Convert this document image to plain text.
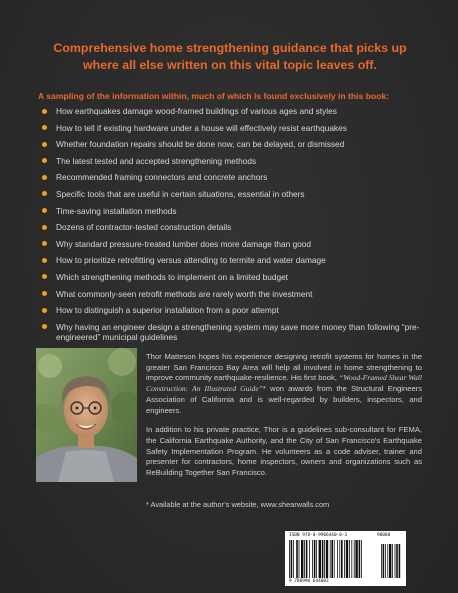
Comprehensive home strengthening guidance that picks up where all else written on this vital topic leaves off.
A sampling of the information within, much of which is found exclusively in this book:
How earthquakes damage wood-framed buildings of various ages and styles
How to tell if existing hardware under a house will effectively resist earthquakes
Whether foundation repairs should be done now, can be delayed, or dismissed
The latest tested and accepted strengthening methods
Recommended framing connectors and concrete anchors
Specific tools that are useful in certain situations, essential in others
Time-saving installation methods
Dozens of contractor-tested construction details
Why standard pressure-treated lumber does more damage than good
How to prioritize retrofitting versus attending to termite and water damage
Which strengthening methods to implement on a limited budget
What commonly-seen retrofit methods are rarely worth the investment
How to distinguish a superior installation from a poor attempt
Why having an engineer design a strengthening system may save more money than following “pre-engineered” municipal guidelines

Thor Matteson hopes his experience designing retrofit systems for homes in the greater San Francisco Bay Area will help all involved in home strengthening to improve community earthquake-resilience. His first book, “Wood-Framed Shear Wall Construction: An Illustrated Guide”* won awards from the Structural Engineers Association of California and is well-regarded by builders, inspectors, and engineers.

In addition to his private practice, Thor is a guidelines sub-consultant for FEMA, the California Earthquake Authority, and the City of San Francisco’s Earthquake Safety Implementation Program. He volunteers as a code adviser, trainer and presenter for contractors, home inspectors, owners and organizations such as ReBuilding Together San Francisco.

* Available at the author’s website, www.shearwalls.com
ISBN 978-0-9906440-0-3	90000
9 780990 644003
